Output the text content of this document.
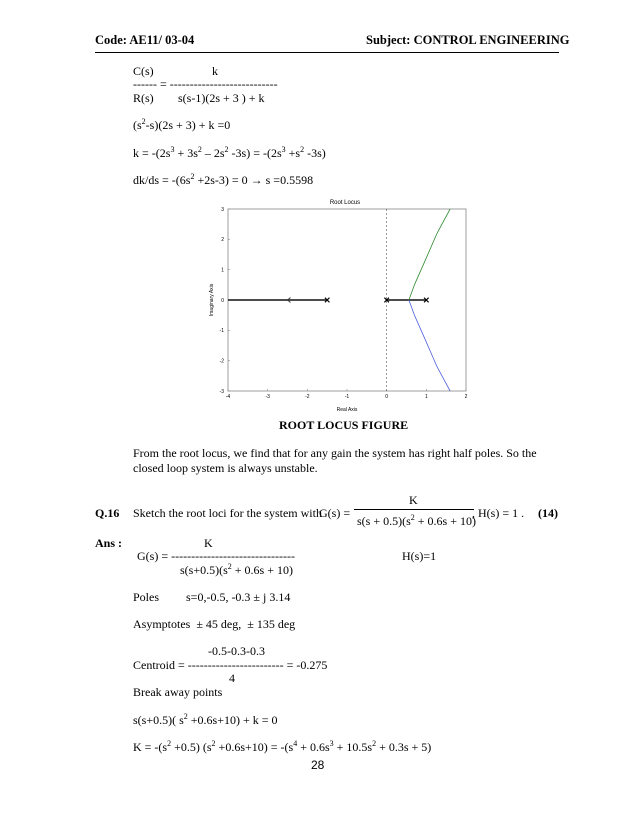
Code: AE11/ 03-04	Subject: CONTROL ENGINEERING
C(s)	k
------ = ---------------------------
R(s) s(s-1)(2s + 3 ) + k
$(s^2-s)(2s + 3) + k =0$
$k = -(2s^3 + 3s^2 - 2s^2$ $-3s) = -(2s^3 +s^2$ -3s)
$dk/ds = -(6s^2 +2s-3) = 0 \to s =0.5598$
Root Locus
-4	-3	-2	-1	0	1	2
3
2
1
0
-1
-2
-3
Real Axis
Imaginary Axis
ROOT LOCUS FIGURE
From the root locus, we find that for any gain the system has right half poles. So the
closed loop system is always unstable.
Q.16 Sketch the root loci for the system with
G(s) =
K
$s(s + 0.5)(s^2 + 0.6s + 10)$
, H(s) = 1 . (14)
Ans :	K
G(s) = -------------------------------	H(s)=1
$s(s+0.5)(s^2 + 0.6s + 10)$
Poles         s=0,-0.5, -0.3 ± j 3.14
Asymptotes  ± 45 deg,  ± 135 deg
-0.5-0.3-0.3
Centroid = ------------------------ = -0.275
4
Break away points
s(s+0.5)( $s^2 +0.6s+10) + k = 0$
$K = -(s^2 +0.5)$ $(s^2 +0.6s+10) = -(s^4 + 0.6s^3 + 10.5s^2 + 0.3s + 5)$
28
